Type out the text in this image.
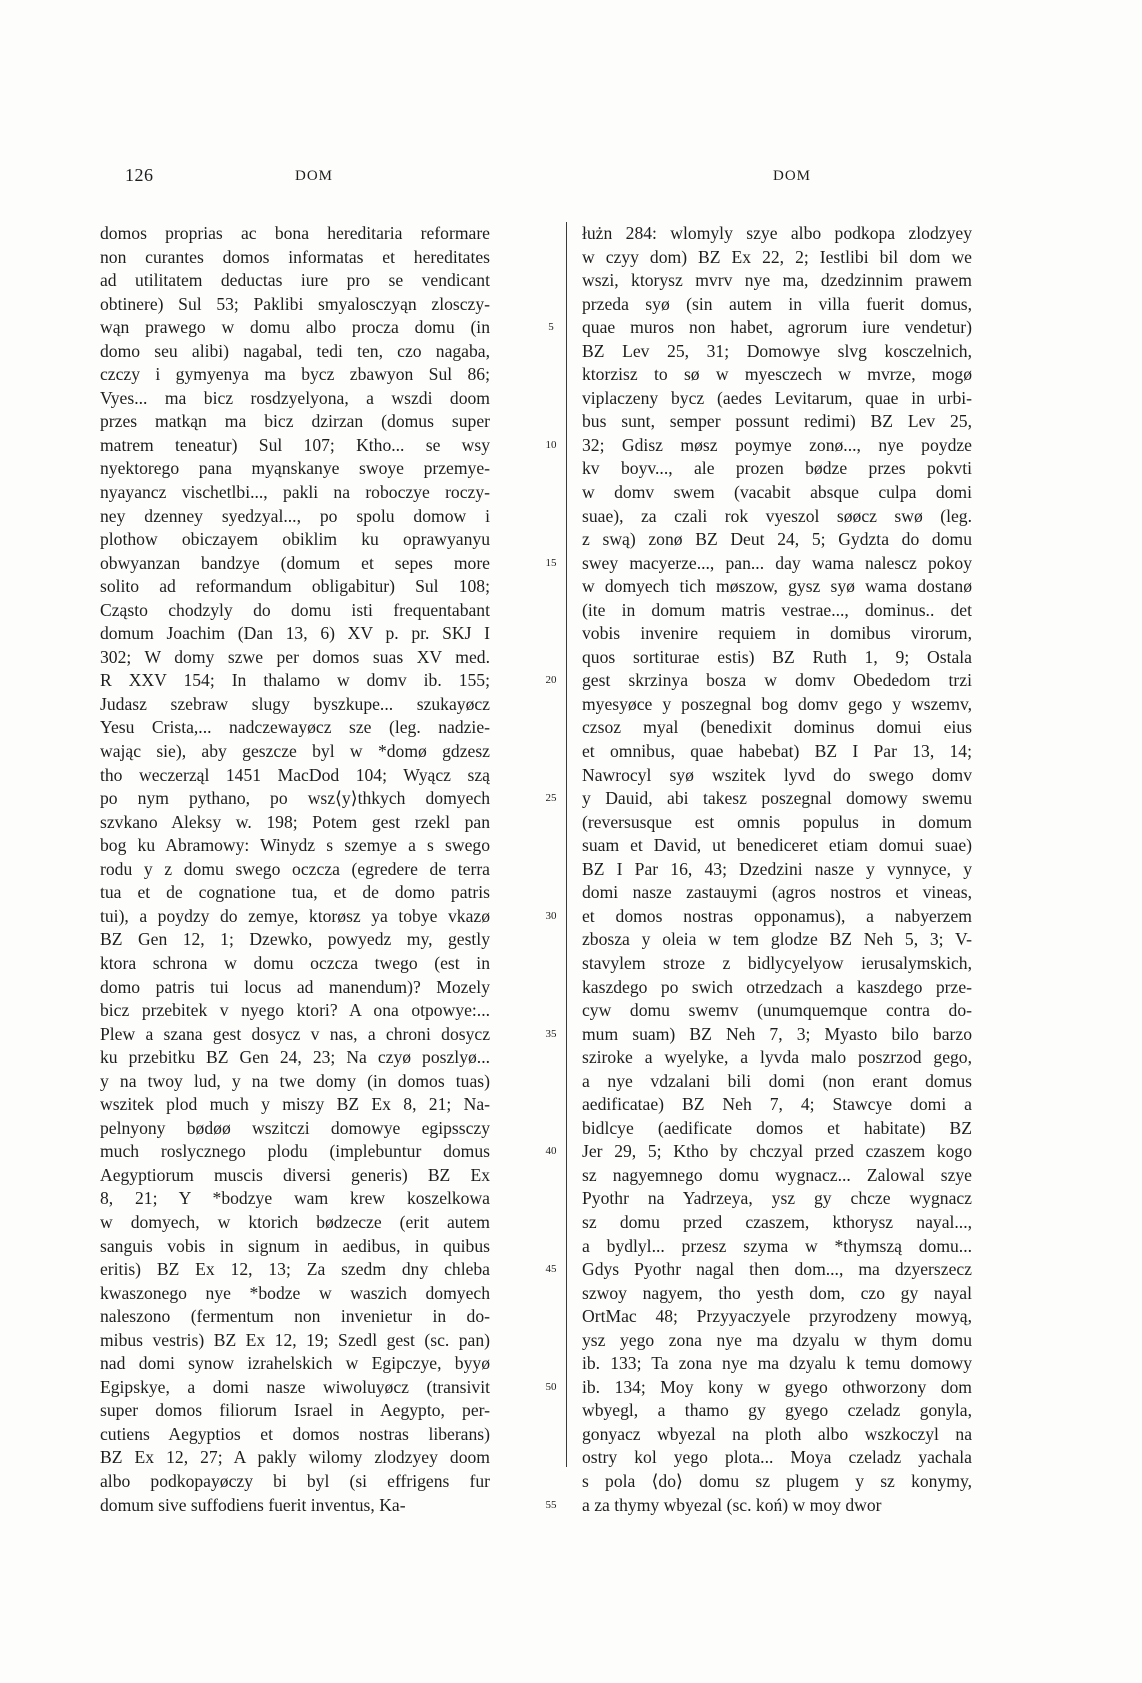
126	DOM	DOM
domos proprias ac bona hereditaria reformare
non curantes domos informatas et hereditates
ad utilitatem deductas iure pro se vendicant
obtinere) Sul 53; Paklibi smyalosczyąn zlosczy-
wąn prawego w domu albo procza domu (in
domo seu alibi) nagabal, tedi ten, czo nagaba,
czczy i gymyenya ma bycz zbawyon Sul 86;
Vyes... ma bicz rosdzyelyona, a wszdi doom
przes matkąn ma bicz dzirzan (domus super
matrem teneatur) Sul 107; Ktho... se wsy
nyektorego pana myąnskanye swoye przemye-
nyayancz vischetlbi..., pakli na roboczye roczy-
ney dzenney syedzyal..., po spolu domow i
plothow obiczayem obiklim ku oprawyanyu
obwyanzan bandzye (domum et sepes more
solito ad reformandum obligabitur) Sul 108;
Cząsto chodzyly do domu isti frequentabant
domum Joachim (Dan 13, 6) XV p. pr. SKJ I
302; W domy szwe per domos suas XV med.
R XXV 154; In thalamo w domv ib. 155;
Judasz szebraw slugy byszkupe... szukayøcz
Yesu Crista,... nadczewayøcz sze (leg. nadzie-
wając sie), aby geszcze byl w *domø gdzesz
tho weczerząl 1451 MacDod 104; Wyącz szą
po nym pythano, po wsz⟨y⟩thkych domyech
szvkano Aleksy w. 198; Potem gest rzekl pan
bog ku Abramowy: Winydz s szemye a s swego
rodu y z domu swego oczcza (egredere de terra
tua et de cognatione tua, et de domo patris
tui), a poydzy do zemye, ktorøsz ya tobye vkazø
BZ Gen 12, 1; Dzewko, powyedz my, gestly
ktora schrona w domu oczcza twego (est in
domo patris tui locus ad manendum)? Mozely
bicz przebitek v nyego ktori? A ona otpowye:...
Plew a szana gest dosycz v nas, a chroni dosycz
ku przebitku BZ Gen 24, 23; Na czyø poszlyø...
y na twoy lud, y na twe domy (in domos tuas)
wszitek plod much y miszy BZ Ex 8, 21; Na-
pelnyony bødøø wszitczi domowye egipssczy
much roslycznego plodu (implebuntur domus
Aegyptiorum muscis diversi generis) BZ Ex
8, 21; Y *bodzye wam krew koszelkowa
w domyech, w ktorich bødzecze (erit autem
sanguis vobis in signum in aedibus, in quibus
eritis) BZ Ex 12, 13; Za szedm dny chleba
kwaszonego nye *bodze w waszich domyech
naleszono (fermentum non invenietur in do-
mibus vestris) BZ Ex 12, 19; Szedl gest (sc. pan)
nad domi synow izrahelskich w Egipczye, byyø
Egipskye, a domi nasze wiwoluyøcz (transivit
super domos filiorum Israel in Aegypto, per-
cutiens Aegyptios et domos nostras liberans)
BZ Ex 12, 27; A pakly wilomy zlodzyey doom
albo podkopayøczy bi byl (si effrigens fur
domum sive suffodiens fuerit inventus, Ka-
5
10
15
20
25
30
35
40
45
50
55
łużn 284: wlomyly szye albo podkopa zlodzyey
w czyy dom) BZ Ex 22, 2; Iestlibi bil dom we
wszi, ktorysz mvrv nye ma, dzedzinnim prawem
przeda syø (sin autem in villa fuerit domus,
quae muros non habet, agrorum iure vendetur)
BZ Lev 25, 31; Domowye slvg kosczelnich,
ktorzisz to sø w myesczech w mvrze, mogø
viplaczeny bycz (aedes Levitarum, quae in urbi-
bus sunt, semper possunt redimi) BZ Lev 25,
32; Gdisz møsz poymye zonø..., nye poydze
kv boyv..., ale prozen bødze przes pokvti
w domv swem (vacabit absque culpa domi
suae), za czali rok vyeszol søøcz swø (leg.
z swą) zonø BZ Deut 24, 5; Gydzta do domu
swey macyerze..., pan... day wama nalescz pokoy
w domyech tich møszow, gysz syø wama dostanø
(ite in domum matris vestrae..., dominus.. det
vobis invenire requiem in domibus virorum,
quos sortiturae estis) BZ Ruth 1, 9; Ostala
gest skrzinya bosza w domv Obededom trzi
myesyøce y poszegnal bog domv gego y wszemv,
czsoz myal (benedixit dominus domui eius
et omnibus, quae habebat) BZ I Par 13, 14;
Nawrocyl syø wszitek lyvd do swego domv
y Dauid, abi takesz poszegnal domowy swemu
(reversusque est omnis populus in domum
suam et David, ut benediceret etiam domui suae)
BZ I Par 16, 43; Dzedzini nasze y vynnyce, y
domi nasze zastauymi (agros nostros et vineas,
et domos nostras opponamus), a nabyerzem
zbosza y oleia w tem glodze BZ Neh 5, 3; V-
stavylem stroze z bidlycyelyow ierusalymskich,
kaszdego po swich otrzedzach a kaszdego prze-
cyw domu swemv (unumquemque contra do-
mum suam) BZ Neh 7, 3; Myasto bilo barzo
sziroke a wyelyke, a lyvda malo poszrzod gego,
a nye vdzalani bili domi (non erant domus
aedificatae) BZ Neh 7, 4; Stawcye domi a
bidlcye (aedificate domos et habitate) BZ
Jer 29, 5; Ktho by chczyal przed czaszem kogo
sz nagyemnego domu wygnacz... Zalowal szye
Pyothr na Yadrzeya, ysz gy chcze wygnacz
sz domu przed czaszem, kthorysz nayal...,
a bydlyl... przesz szyma w *thymszą domu...
Gdys Pyothr nagal then dom..., ma dzyerszecz
szwoy nagyem, tho yesth dom, czo gy nayal
OrtMac 48; Przyyaczyele przyrodzeny mowyą,
ysz yego zona nye ma dzyalu w thym domu
ib. 133; Ta zona nye ma dzyalu k temu domowy
ib. 134; Moy kony w gyego othworzony dom
wbyegl, a thamo gy gyego czeladz gonyla,
gonyacz wbyezal na ploth albo wszkoczyl na
ostry kol yego plota... Moya czeladz yachala
s pola ⟨do⟩ domu sz plugem y sz konymy,
a za thymy wbyezal (sc. koń) w moy dwor
